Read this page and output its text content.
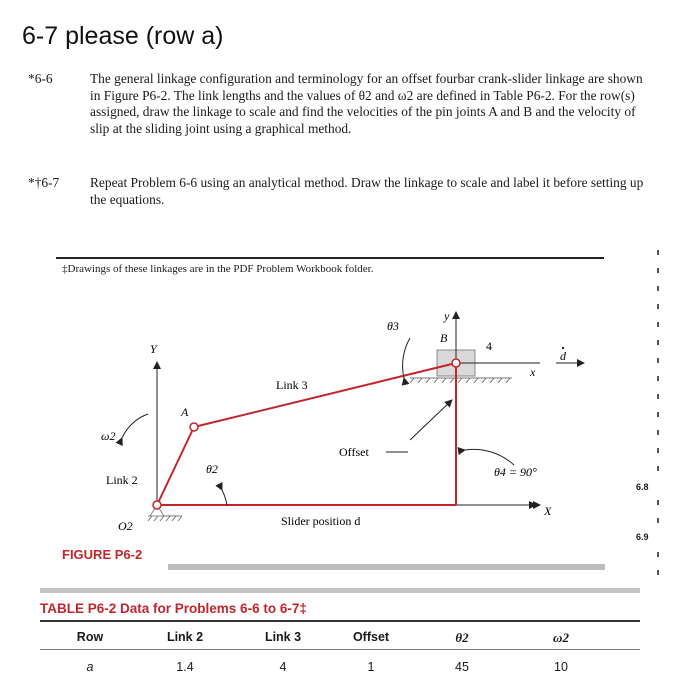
6-7 please (row a)
*6-6	The general linkage configuration and terminology for an offset fourbar crank-slider linkage are shown in Figure P6-2. The link lengths and the values of θ2 and ω2 are defined in Table P6-2. For the row(s) assigned, draw the linkage to scale and find the velocities of the pin joints A and B and the velocity of slip at the sliding joint using a graphical method.
*†6-7 Repeat Problem 6-6 using an analytical method. Draw the linkage to scale and label it before setting up the equations.
‡Drawings of these linkages are in the PDF Problem Workbook folder.
Y
X
y
x
A
B
O2
ω2
θ2
θ3
θ4 = 90°
Link 2
Link 3
4
Offset
Slider position d
d
FIGURE P6-2
TABLE P6-2 Data for Problems 6-6 to 6-7‡
Row	Link 2	Link 3	Offset	θ2	ω2
a	1.4	4	1	45	10
6.8
6.9
